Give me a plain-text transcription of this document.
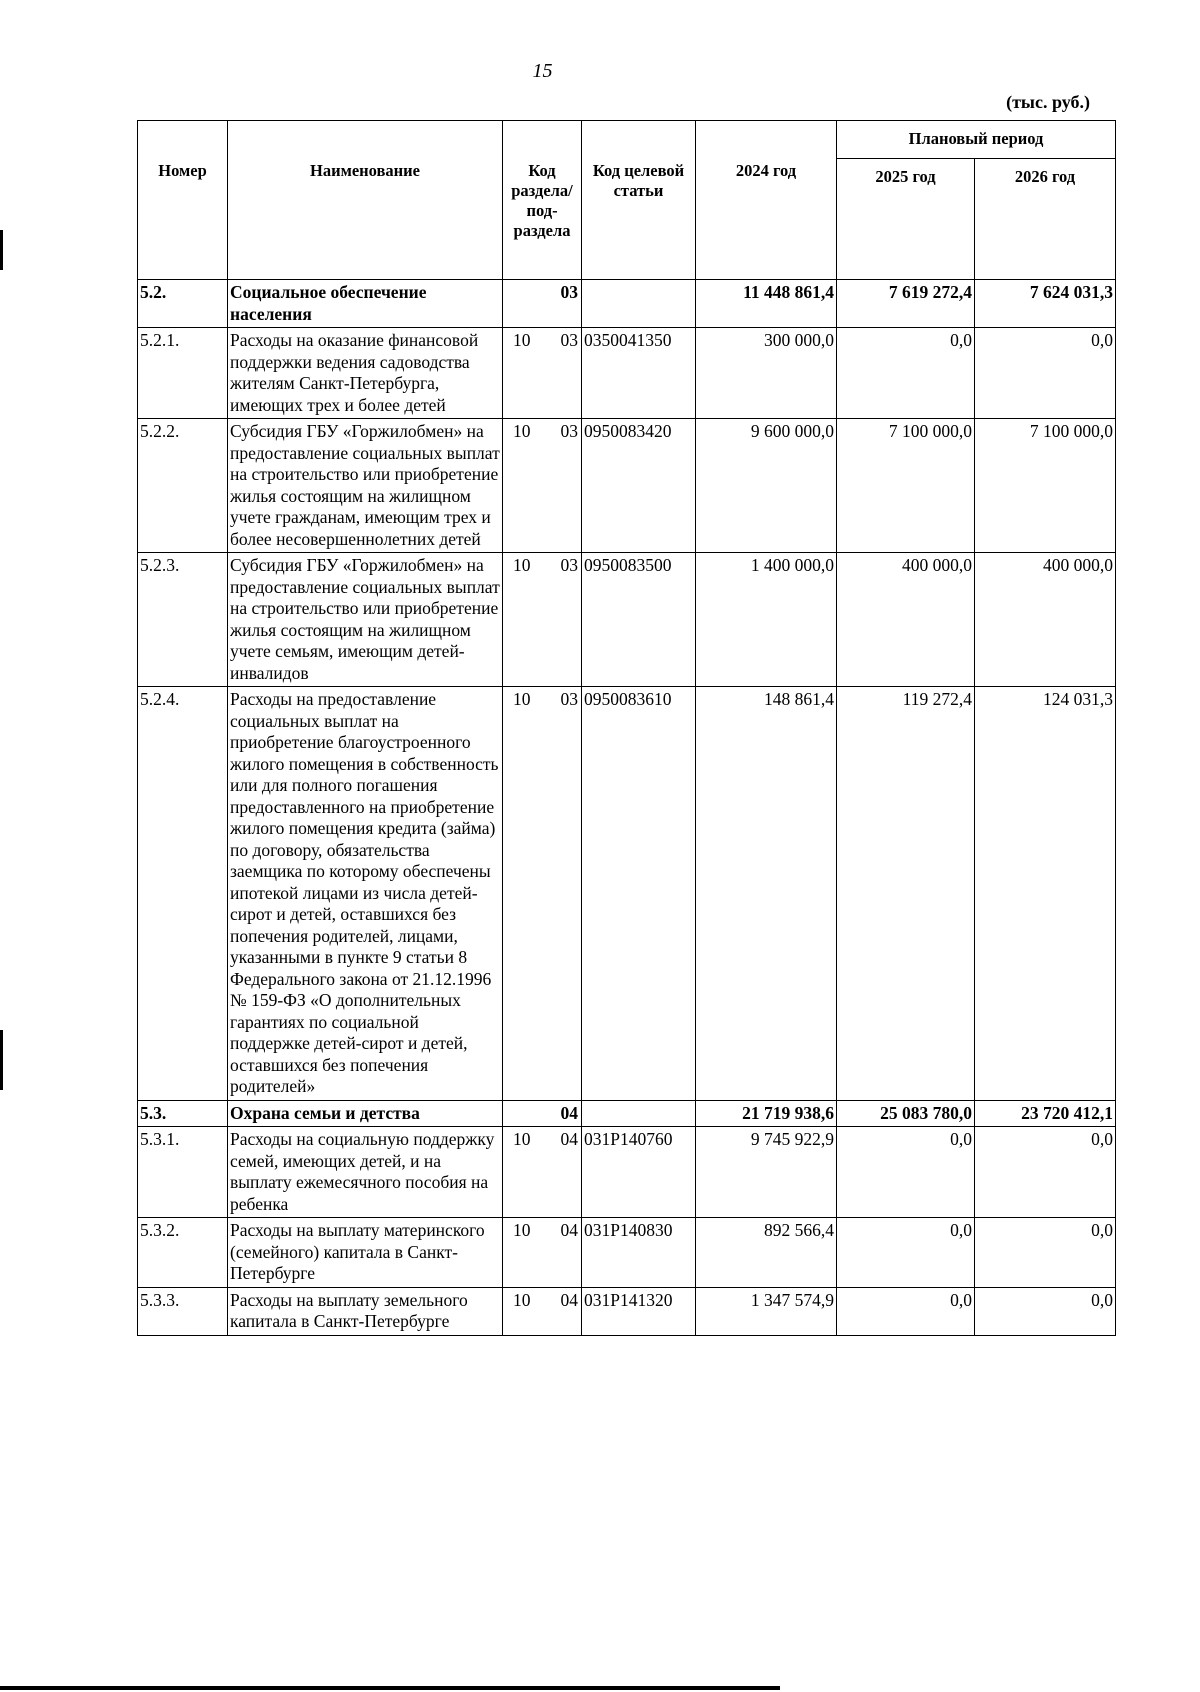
15
(тыс. руб.)
Номер	Наименование	Код раздела/ под- раздела	Код целевой статьи	2024 год	Плановый период	
					2025 год	2026 год
5.2.	Социальное обеспечение населения	03		11 448 861,4	7 619 272,4	7 624 031,3
5.2.1.	Расходы на оказание финансовой поддержки ведения садоводства жителям Санкт-Петербурга, имеющих трех и более детей	10 03	0350041350	300 000,0	0,0	0,0
5.2.2.	Субсидия ГБУ «Горжилобмен» на предоставление социальных выплат на строительство или приобретение жилья состоящим на жилищном учете гражданам, имеющим трех и более несовершеннолетних детей	10 03	0950083420	9 600 000,0	7 100 000,0	7 100 000,0
5.2.3.	Субсидия ГБУ «Горжилобмен» на предоставление социальных выплат на строительство или приобретение жилья состоящим на жилищном учете семьям, имеющим детей-инвалидов	10 03	0950083500	1 400 000,0	400 000,0	400 000,0
5.2.4.	Расходы на предоставление социальных выплат на приобретение благоустроенного жилого помещения в собственность или для полного погашения предоставленного на приобретение жилого помещения кредита (займа) по договору, обязательства заемщика по которому обеспечены ипотекой лицами из числа детей-сирот и детей, оставшихся без попечения родителей, лицами, указанными в пункте 9 статьи 8 Федерального закона от 21.12.1996 № 159-ФЗ «О дополнительных гарантиях по социальной поддержке детей-сирот и детей, оставшихся без попечения родителей»	10 03	0950083610	148 861,4	119 272,4	124 031,3
5.3.	Охрана семьи и детства	04		21 719 938,6	25 083 780,0	23 720 412,1
5.3.1.	Расходы на социальную поддержку семей, имеющих детей, и на выплату ежемесячного пособия на ребенка	10 04	031P140760	9 745 922,9	0,0	0,0
5.3.2.	Расходы на выплату материнского (семейного) капитала в Санкт-Петербурге	10 04	031P140830	892 566,4	0,0	0,0
5.3.3.	Расходы на выплату земельного капитала в Санкт-Петербурге	10 04	031P141320	1 347 574,9	0,0	0,0
